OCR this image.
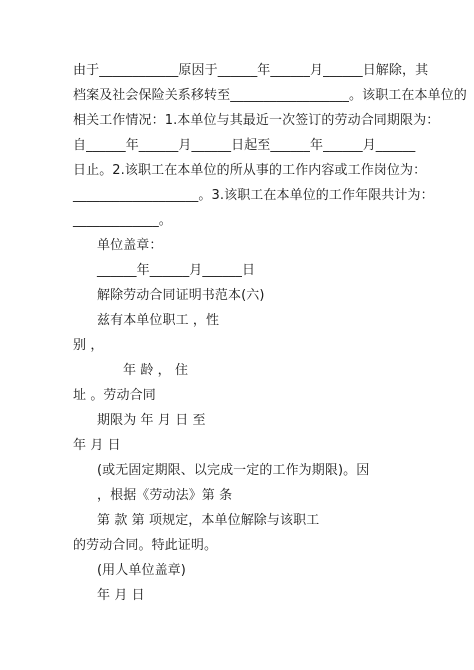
由于____________原因于______年______月______日解除，其
档案及社会保险关系移转至__________________。该职工在本单位的
相关工作情况：1.本单位与其最近一次签订的劳动合同期限为：
自______年______月______日起至______年______月______
日止。2.该职工在本单位的所从事的工作内容或工作岗位为：
___________________。3.该职工在本单位的工作年限共计为：
_____________。
单位盖章：
______年______月______日
解除劳动合同证明书范本(六)
兹有本单位职工 ，性
别 ，
年 龄 ， 住
址 。劳动合同
期限为 年 月 日 至
年 月 日
(或无固定期限、以完成一定的工作为期限)。因
，根据《劳动法》第 条
第 款 第 项规定，本单位解除与该职工
的劳动合同。特此证明。
(用人单位盖章)
年 月 日
